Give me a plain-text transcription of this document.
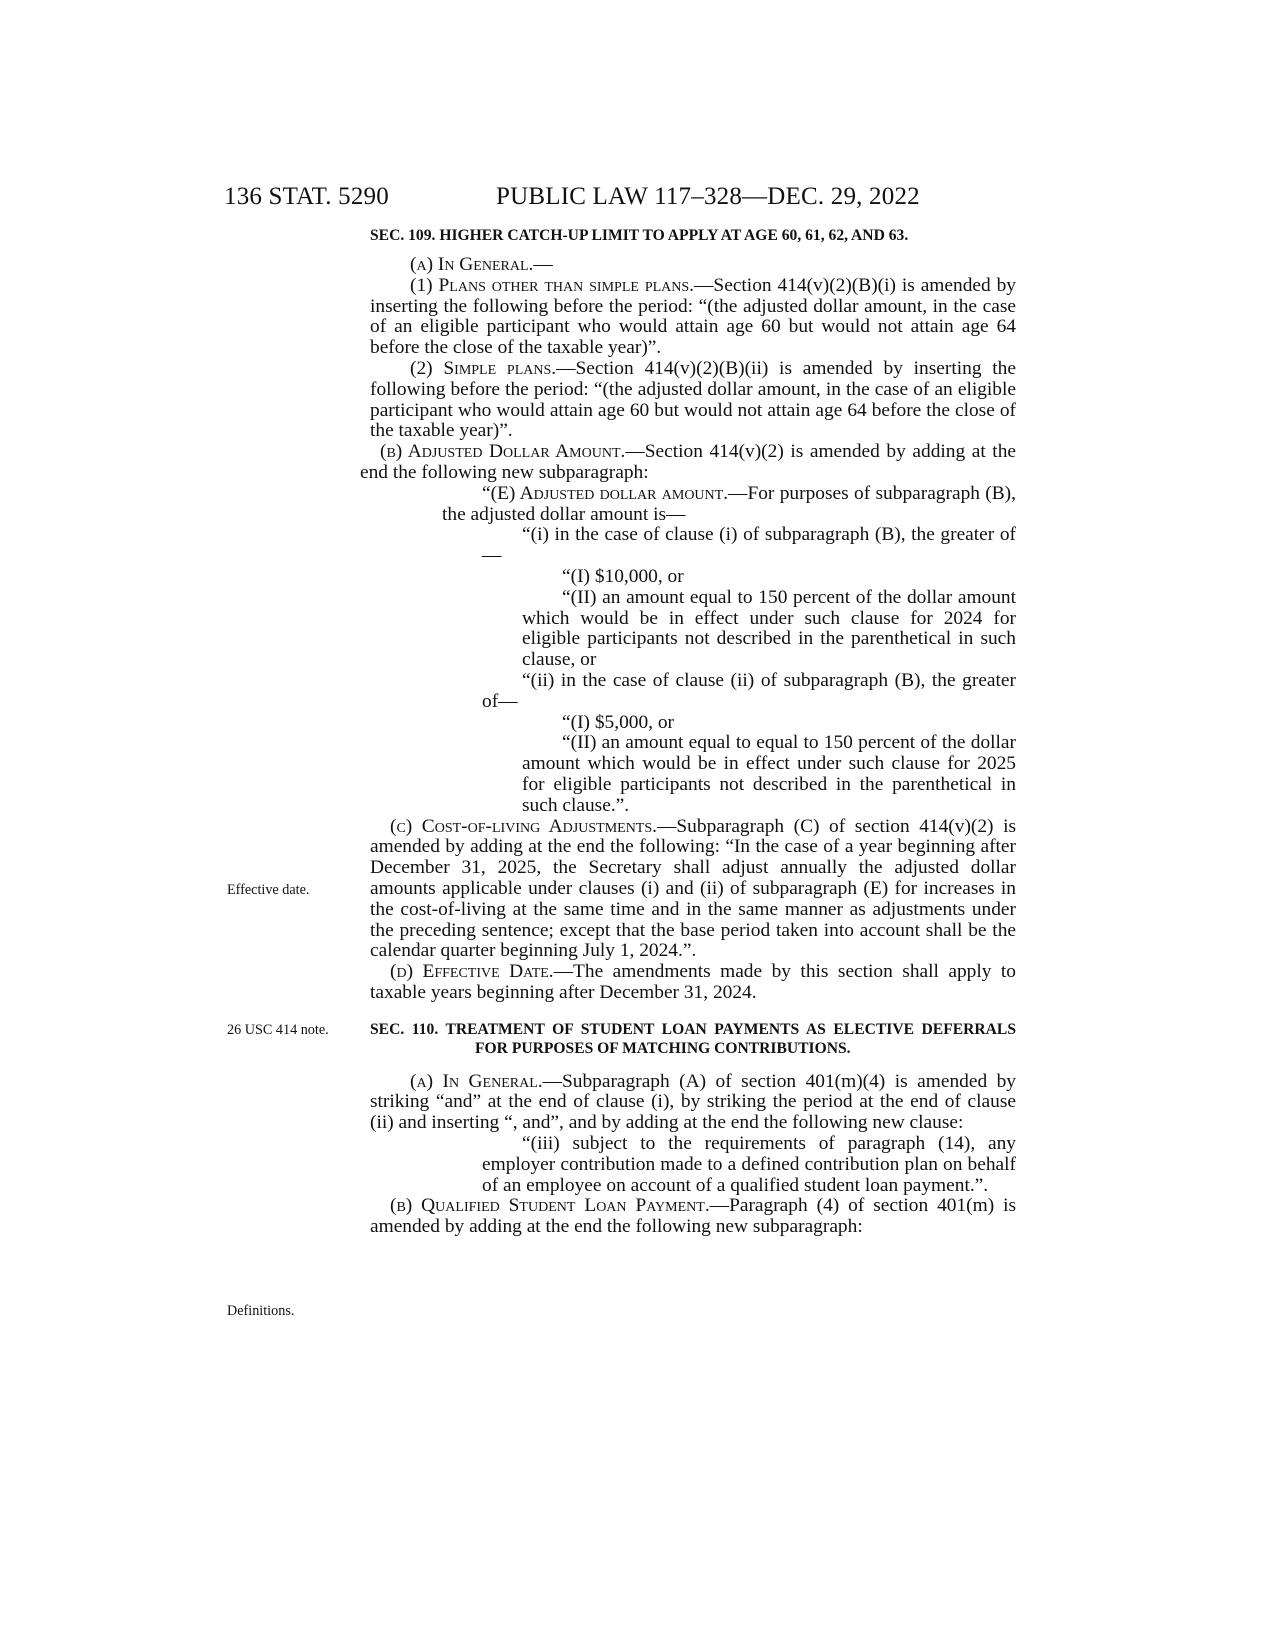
136 STAT. 5290	PUBLIC LAW 117–328—DEC. 29, 2022
Effective date.
26 USC 414 note.
Definitions.

SEC. 109. HIGHER CATCH-UP LIMIT TO APPLY AT AGE 60, 61, 62, AND 63.

(a) In General.—

(1) Plans other than simple plans.—Section 414(v)(2)(B)(i) is amended by inserting the following before the period: “(the adjusted dollar amount, in the case of an eligible participant who would attain age 60 but would not attain age 64 before the close of the taxable year)”.

(2) Simple plans.—Section 414(v)(2)(B)(ii) is amended by inserting the following before the period: “(the adjusted dollar amount, in the case of an eligible participant who would attain age 60 but would not attain age 64 before the close of the taxable year)”.

(b) Adjusted Dollar Amount.—Section 414(v)(2) is amended by adding at the end the following new subparagraph:

“(E) Adjusted dollar amount.—For purposes of subparagraph (B), the adjusted dollar amount is—

“(i) in the case of clause (i) of subparagraph (B), the greater of—

“(I) $10,000, or

“(II) an amount equal to 150 percent of the dollar amount which would be in effect under such clause for 2024 for eligible participants not described in the parenthetical in such clause, or

“(ii) in the case of clause (ii) of subparagraph (B), the greater of—

“(I) $5,000, or

“(II) an amount equal to equal to 150 percent of the dollar amount which would be in effect under such clause for 2025 for eligible participants not described in the parenthetical in such clause.”.

(c) Cost-of-living Adjustments.—Subparagraph (C) of section 414(v)(2) is amended by adding at the end the following: “In the case of a year beginning after December 31, 2025, the Secretary shall adjust annually the adjusted dollar amounts applicable under clauses (i) and (ii) of subparagraph (E) for increases in the cost-of-living at the same time and in the same manner as adjustments under the preceding sentence; except that the base period taken into account shall be the calendar quarter beginning July 1, 2024.”.

(d) Effective Date.—The amendments made by this section shall apply to taxable years beginning after December 31, 2024.

SEC. 110. TREATMENT OF STUDENT LOAN PAYMENTS AS ELECTIVE DEFERRALS FOR PURPOSES OF MATCHING CONTRIBUTIONS.

(a) In General.—Subparagraph (A) of section 401(m)(4) is amended by striking “and” at the end of clause (i), by striking the period at the end of clause (ii) and inserting “, and”, and by adding at the end the following new clause:

“(iii) subject to the requirements of paragraph (14), any employer contribution made to a defined contribution plan on behalf of an employee on account of a qualified student loan payment.”.

(b) Qualified Student Loan Payment.—Paragraph (4) of section 401(m) is amended by adding at the end the following new subparagraph:
